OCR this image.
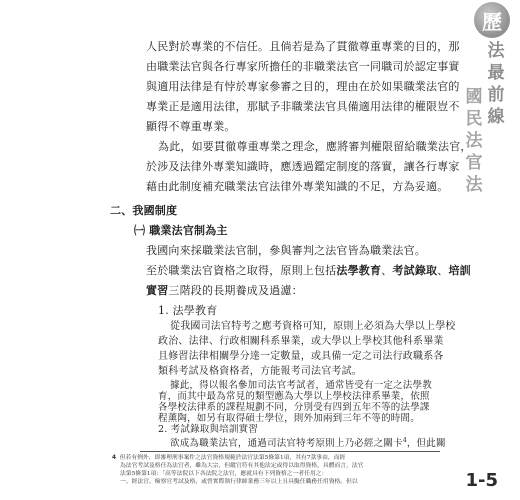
歷
法最前線
國民法官法
人民對於專業的不信任。且倘若是為了貫徹尊重專業的目的，那
由職業法官與各行專家所擔任的非職業法官一同職司於認定事實
與適用法律是有悖於專家參審之目的，理由在於如果職業法官的
專業正是適用法律，那賦予非職業法官具備適用法律的權限豈不
顯得不尊重專業。
為此，如要貫徹尊重專業之理念，應將審判權限留給職業法官，
於涉及法律外專業知識時，應透過鑑定制度的落實，讓各行專家
藉由此制度補充職業法官法律外專業知識的不足，方為妥適。
二、我國制度
㈠ 職業法官制為主
我國向來採職業法官制，參與審判之法官皆為職業法官。
至於職業法官資格之取得，原則上包括法學教育、考試錄取、培訓
實習三階段的長期養成及過濾：
1. 法學教育
從我國司法官特考之應考資格可知，原則上必須為大學以上學校
政治、法律、行政相關科系畢業，或大學以上學校其他科系畢業
且修習法律相關學分達一定數量，或具備一定之司法行政職系各
類科考試及格資格者，方能報考司法官考試。
4 但若有例外，即審理刑事案件之法官資格規範於法官法第5條第1項，其有7款事由，而經
為法官考試及格任為法官者，雖為大宗，但縱官符有其他法定或得以取得資格，具體而言，法官
法第5條第1項：「高等法院以下各法院之法官，應就具有下列資格之一者任用之：
一、經法官、檢察官考試及格，或曾實際執行律師業務三年以上且具擬任職務任用資格。但以	1-5
據此，得以報名參加司法官考試者，通常皆受有一定之法學教
育，而其中最為常見的類型應為大學以上學校法律系畢業，依照
各學校法律系的課程規劃不同，分別受有四到五年不等的法學課
程薰陶，如另有取得碩士學位，則外加兩到三年不等的時間。
2. 考試錄取與培訓實習
欲成為職業法官，通過司法官特考原則上乃必經之關卡$^4$，但此關
